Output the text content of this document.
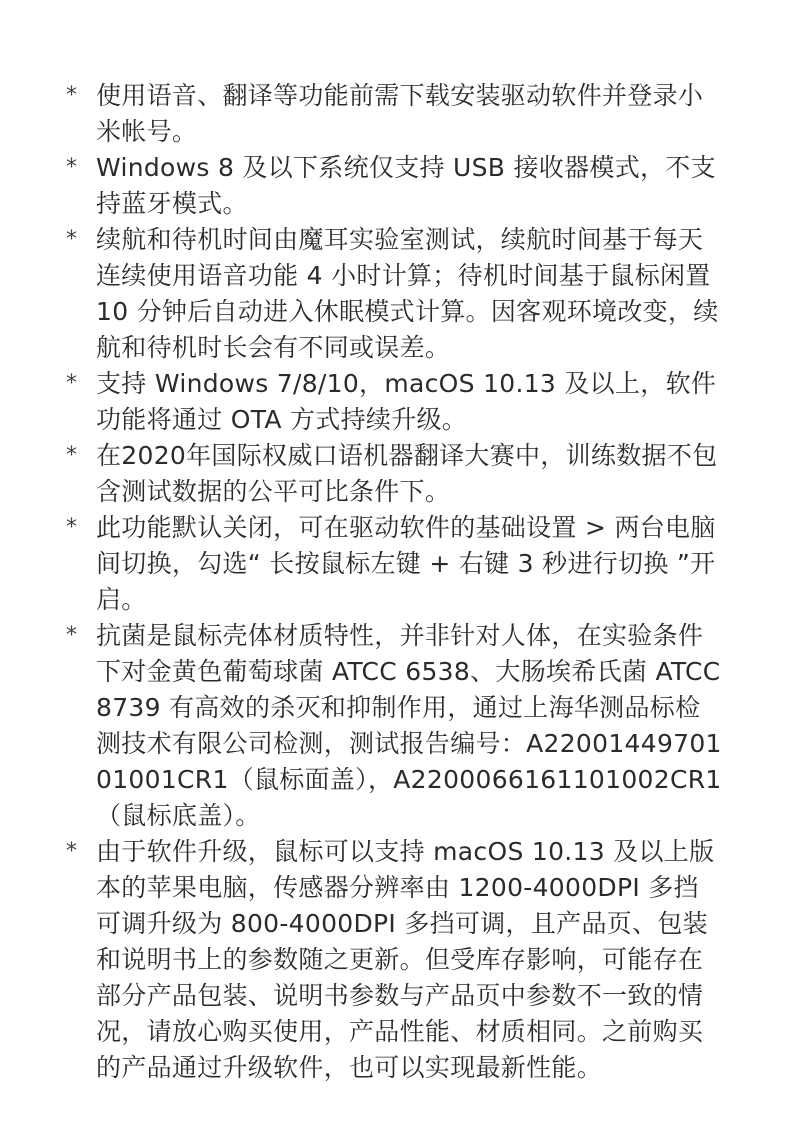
* 使用语音、翻译等功能前需下载安装驱动软件并登录小米帐号。
* Windows 8 及以下系统仅支持 USB 接收器模式，不支持蓝牙模式。
* 续航和待机时间由魔耳实验室测试，续航时间基于每天连续使用语音功能 4 小时计算；待机时间基于鼠标闲置 10 分钟后自动进入休眠模式计算。因客观环境改变，续航和待机时长会有不同或误差。
* 支持 Windows 7/8/10，macOS 10.13 及以上，软件功能将通过 OTA 方式持续升级。
* 在2020年国际权威口语机器翻译大赛中，训练数据不包含测试数据的公平可比条件下。
* 此功能默认关闭，可在驱动软件的基础设置 > 两台电脑间切换，勾选“ 长按鼠标左键 + 右键 3 秒进行切换 ”开启。
* 抗菌是鼠标壳体材质特性，并非针对人体，在实验条件下对金黄色葡萄球菌 ATCC 6538、大肠埃希氏菌 ATCC 8739 有高效的杀灭和抑制作用，通过上海华测品标检测技术有限公司检测，测试报告编号：A2200144970101001CR1（鼠标面盖），A2200066161101002CR1（鼠标底盖）。
* 由于软件升级，鼠标可以支持 macOS 10.13 及以上版本的苹果电脑，传感器分辨率由 1200-4000DPI 多挡可调升级为 800-4000DPI 多挡可调，且产品页、包装和说明书上的参数随之更新。但受库存影响，可能存在部分产品包装、说明书参数与产品页中参数不一致的情况，请放心购买使用，产品性能、材质相同。之前购买的产品通过升级软件，也可以实现最新性能。
